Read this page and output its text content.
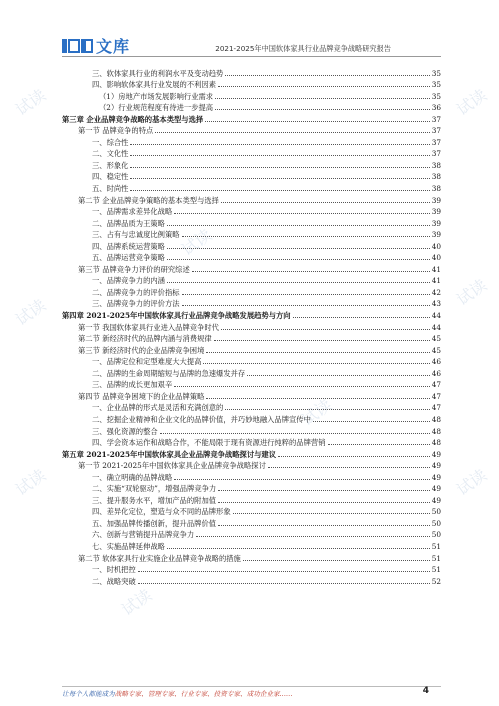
文库	2021-2025年中国软体家具行业品牌竞争战略研究报告
试读
试读
试读
试读
试读
试读
试读
试读
试读
三、软体家具行业的利润水平及变动趋势	35
四、影响软体家具行业发展的不利因素	35
（1）房地产市场发展影响行业需求	35
（2）行业规范程度有待进一步提高	36
第三章 企业品牌竞争战略的基本类型与选择	37
第一节 品牌竞争的特点	37
一、综合性	37
二、文化性	37
三、形象化	38
四、稳定性	38
五、时尚性	38
第二节 企业品牌竞争策略的基本类型与选择	39
一、品牌需求差异化战略	39
二、品牌品质为王策略	39
三、占有与忠诚度比例策略	39
四、品牌系统运营策略	40
五、品牌运营竞争策略	40
第三节 品牌竞争力评价的研究综述	41
一、品牌竞争力的内涵	41
二、品牌竞争力的评价指标	42
三、品牌竞争力的评价方法	43
第四章 2021-2025年中国软体家具行业品牌竞争战略发展趋势与方向	44
第一节 我国软体家具行业进入品牌竞争时代	44
第二节 新经济时代的品牌内涵与消费规律	45
第三节 新经济时代的企业品牌竞争困境	45
一、品牌定位和定型难度大大提高	46
二、品牌的生命周期缩短与品牌的急速爆发并存	46
三、品牌的成长更加艰辛	47
第四节 品牌竞争困境下的企业品牌策略	47
一、企业品牌的形式是灵活和充满创意的	47
二、挖掘企业精神和企业文化的品牌价值，并巧妙地融入品牌宣传中	48
三、强化资源的整合	48
四、学会资本运作和战略合作，不能局限于现有资源进行纯粹的品牌营销	48
第五章 2021-2025年中国软体家具企业品牌竞争战略探讨与建议	49
第一节 2021-2025年中国软体家具企业品牌竞争战略探讨	49
一、确立明确的品牌战略	49
二、实施“双轮驱动”，增强品牌竞争力	49
三、提升服务水平，增加产品的附加值	49
四、差异化定位，塑造与众不同的品牌形象	50
五、加强品牌传播创新，提升品牌价值	50
六、创新与营销提升品牌竞争力	50
七、实施品牌延伸战略	51
第二节 软体家具行业实施企业品牌竞争战略的措施	51
一、时机把控	51
二、战略突破	52
让每个人都能成为战略专家、管理专家、行业专家、投资专家、成功企业家……	4
